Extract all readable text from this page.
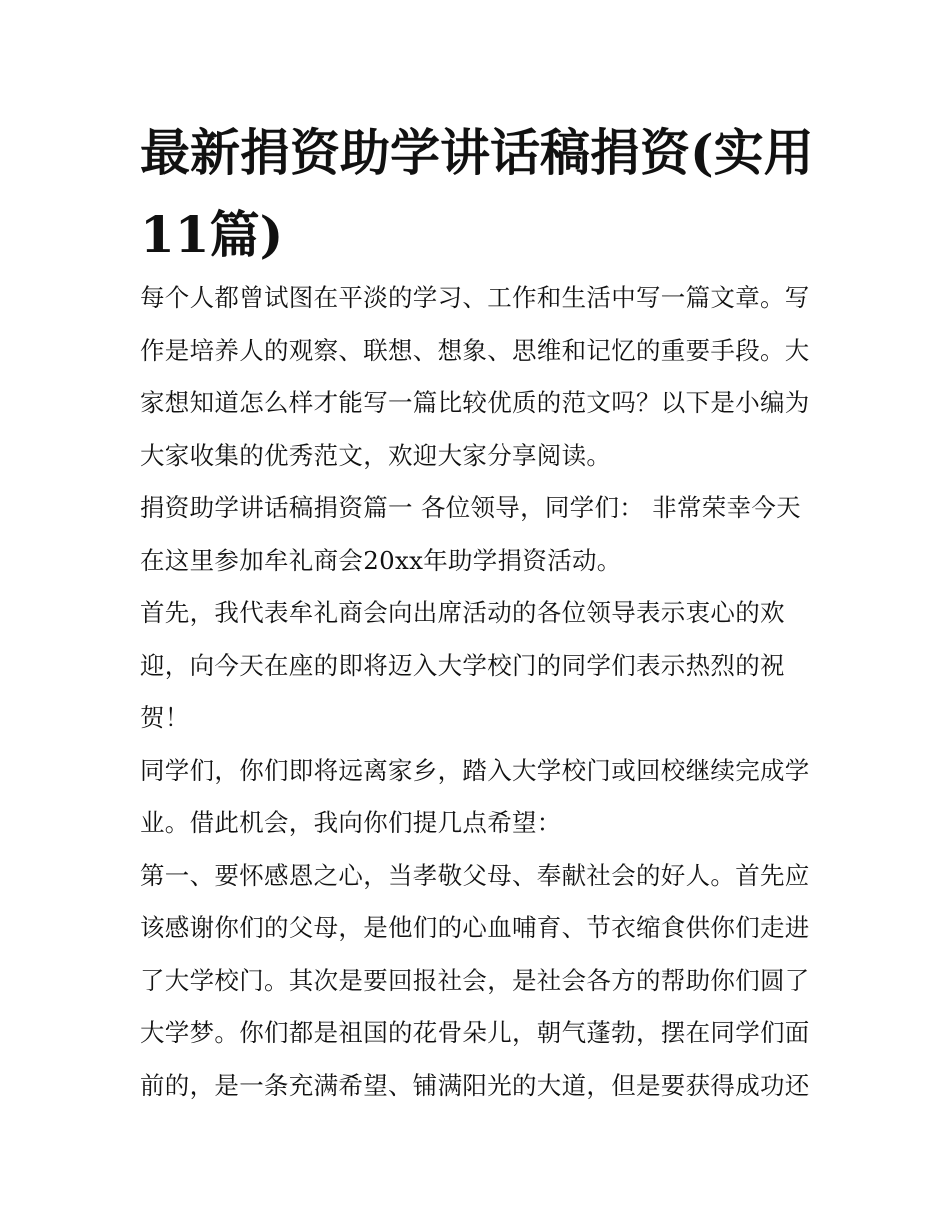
最新捐资助学讲话稿捐资(实用11篇)

每个人都曾试图在平淡的学习、工作和生活中写一篇文章。写作是培养人的观察、联想、想象、思维和记忆的重要手段。大家想知道怎么样才能写一篇比较优质的范文吗？以下是小编为大家收集的优秀范文，欢迎大家分享阅读。

捐资助学讲话稿捐资篇一 各位领导，同学们： 非常荣幸今天在这里参加牟礼商会20xx年助学捐资活动。

首先，我代表牟礼商会向出席活动的各位领导表示衷心的欢迎，向今天在座的即将迈入大学校门的同学们表示热烈的祝贺！

同学们，你们即将远离家乡，踏入大学校门或回校继续完成学业。借此机会，我向你们提几点希望：

第一、要怀感恩之心，当孝敬父母、奉献社会的好人。首先应该感谢你们的父母，是他们的心血哺育、节衣缩食供你们走进了大学校门。其次是要回报社会，是社会各方的帮助你们圆了大学梦。你们都是祖国的花骨朵儿，朝气蓬勃，摆在同学们面前的，是一条充满希望、铺满阳光的大道，但是要获得成功还
